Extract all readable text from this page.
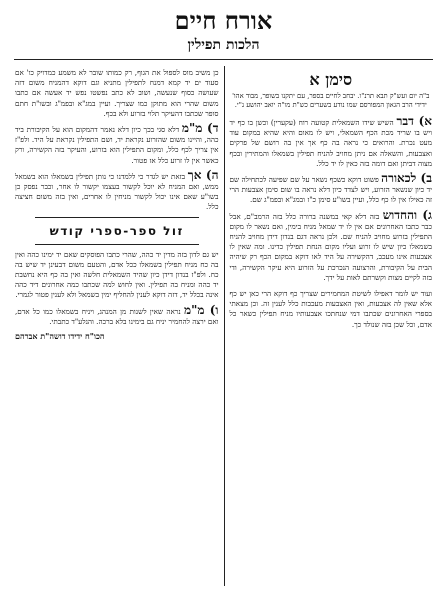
אורח חיים
הלכות תפילין
סימן א
ב"ה יום ועש"ק תבא תרנ"ו. יבחב לחיים בספר, עם יתקנו בשופר, מבוד אהו' ידידי הרב הגאון המפורסם שמו נודע בשערים כש"ת מו"ה יואב יהושע נ"י.

א) דבר השיש שידו השמאלית קטועה רוח (עקערין) וכשן בו כף יד ויש בו שריד מכת הכף השמאלי, ויש לו מאום והיא שהיא במקום עוד מעט נכרת. והרואים כי נראה בה כף אך אין בה רושם של פרקים ואצבעות, והשאלה אם ניתן מחויב להניח תפילין בשמאלו והמתירין ובכף מצוה דביתן ואם דומה בזה כאין לו יד כלל.

ב) לכאורה פשוט דוקא כשכף נשאר על שם שפיעה לכתחילה שם יד כיון שנשאר הזרוע, ויש לצדד כיון דלא נראה בו שום סימן אצבעות הרי זה כאילו אין לו כף כלל, ועיין בשו"ע סימן כ"ז ובמג"א ובפמ"ג שם.

ג) והחדוש בזה דלא קאי במשנה ברורה כלל בזה הרמב"ם, אבל כבר כתבו האחרונים אם אין לו יד שמאל מניח בימין, ואם נשאר לו מקום התפילין בזרוע מחויב להניח שם. ולכן נראה דגם בנדון דידן מחויב להניח בשמאלו כיון שיש לו זרוע ועליו מקום הנחת תפילין כדינו. ומה שאין לו אצבעות אינו מעכב, דהקשירה על היד לאו דוקא במקום הכף רק שיהיה הבית על הקיבורת, והרצועה הנכרכת על הזרוע היא עיקר הקשירה, ודי בזה לקיים מצות וקשרתם לאות על ידך.

ועוד יש לומר דאפילו לשיטת המחמירים שצריך כף דוקא הרי כאן יש כף אלא שאין לה אצבעות, ואין האצבעות מעכבות כלל לענין זה. וכן מצאתי בספרי האחרונים שכתבו דמי שנחתכו אצבעותיו מניח תפילין כשאר כל אדם, וכל שכן בזה שנולד כך.

כן משיב מוס לספול את הגוף, רק כמותו שובר לא משמע כמדויק כו' אם סעוד ים יד קמא דמנח לתפילין מתניא וגם דוקא דהמניח משום דזה שעושה כסוף שנעשה, ושוב לא כתב נפשטו נפש יד אעשה אם כתבו משום שהרי הוא מתוקן כמו שצריך. ועיין במג"א ובפמ"ג ובשו"ת חתם סופר שכתבו דהעיקר תלוי בזרוע ולא בכף.

ד) מ"מ דלא סגי בכך כיון דלא נאמר דהמקום הוא על הקיבורת ביד כהה, והיינו משום שהזרוע נקראת יד, ושם התפילין נקראת על היד. ולפ"ז אין צריך לכף כלל, ומקום התפילין הוא בזרוע, והעיקר בזה הקשירה, ורק כאשר אין לו זרוע כלל אז פטור.

ה) אך בזאת יש לגדר כי ללמדנו כי נותן תפילין בשמאלו הוא בשמאל ממש, ואם המניח לא יוכל לקשור בעצמו יקשור לו אחר, וכבר נפסק כן בשו"ע שאם אינו יכול לקשור מניחין לו אחרים, ואין בזה משום חציצה כלל.

זול ספר-ספרי קודש

יש גם לדון בזה מדין יד כהה, שהרי כתבו הפוסקים שאם יד ימינו כהה ואין בה כח מניח תפילין בשמאלו ככל אדם, והטעם משום דבעינן יד שיש בה כח. ולפ"ז בנדון דידן כיון שהיד השמאלית חלשה ואין בה כף היא נחשבת יד כהה ומניח בה תפילין. ואין לחוש למה שכתבו כמה אחרונים דיד כהה אינה בכלל יד, דזה דוקא לענין להחליף ימין בשמאל ולא לענין פטור לגמרי.

ו) מ"מ נראה שאין לשנות מן המנהג, ויניח בשמאלו כמו כל אדם, ואם ירצה להחמיר יניח גם בימינו בלא ברכה. והנלע"ד כתבתי.

הכו"ח ידידו דושה"ת אברהם
